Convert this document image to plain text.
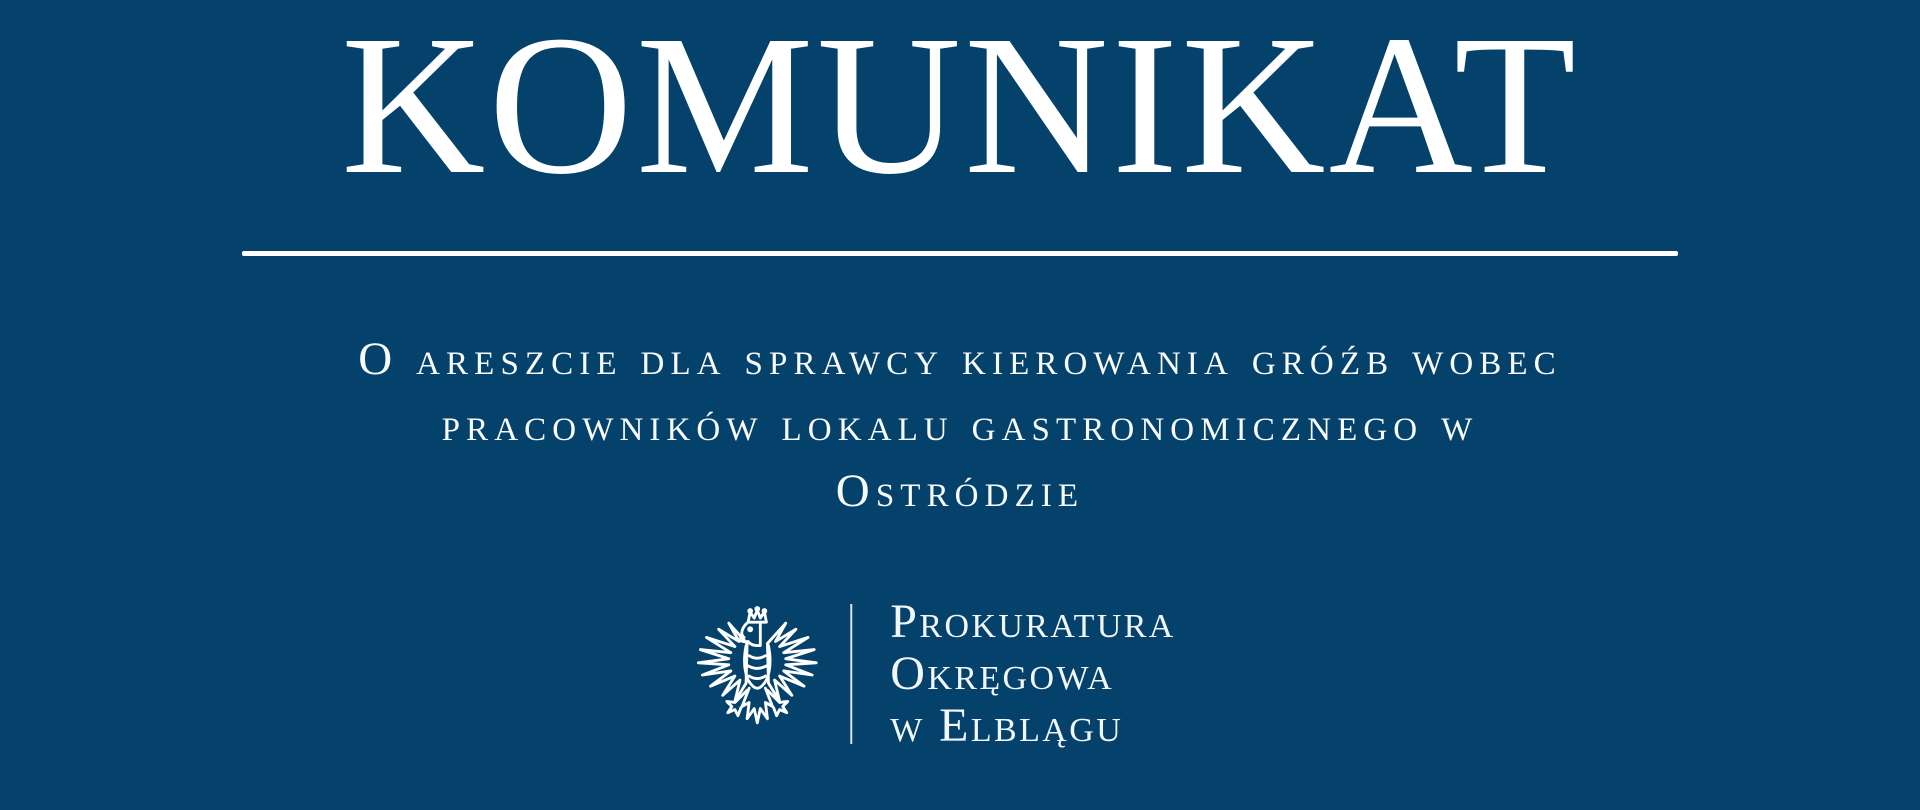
KOMUNIKAT
O areszcie dla sprawcy kierowania gróźb wobec
pracowników lokalu gastronomicznego w
Ostródzie
Prokuratura
Okręgowa
w Elblągu
